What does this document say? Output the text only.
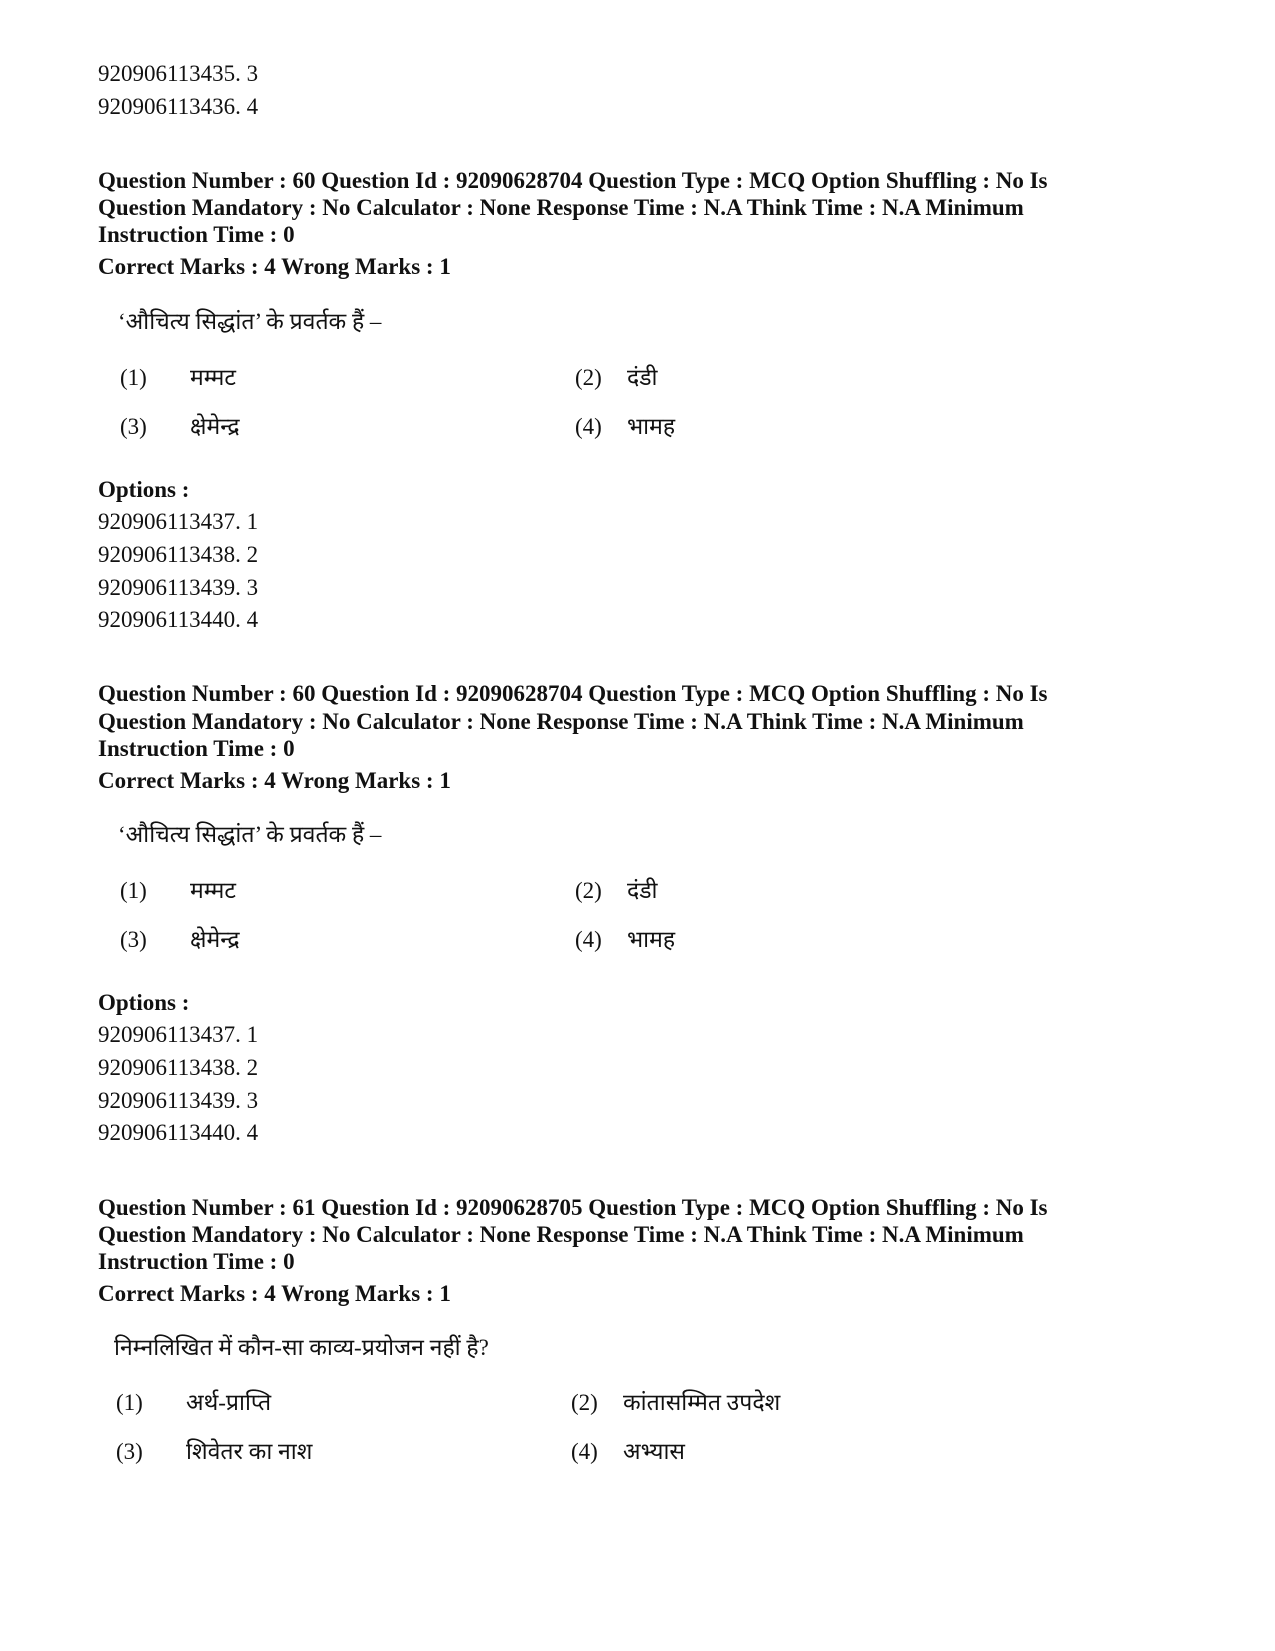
920906113435. 3
920906113436. 4
Question Number : 60 Question Id : 92090628704 Question Type : MCQ Option Shuffling : No Is
Question Mandatory : No Calculator : None Response Time : N.A Think Time : N.A Minimum
Instruction Time : 0
Correct Marks : 4 Wrong Marks : 1
‘औचित्य सिद्धांत’ के प्रवर्तक हैं –
(1) मम्मट	(2) दंडी
(3) क्षेमेन्द्र	(4) भामह
Options :
920906113437. 1
920906113438. 2
920906113439. 3
920906113440. 4
Question Number : 60 Question Id : 92090628704 Question Type : MCQ Option Shuffling : No Is
Question Mandatory : No Calculator : None Response Time : N.A Think Time : N.A Minimum
Instruction Time : 0
Correct Marks : 4 Wrong Marks : 1
‘औचित्य सिद्धांत’ के प्रवर्तक हैं –
(1) मम्मट	(2) दंडी
(3) क्षेमेन्द्र	(4) भामह
Options :
920906113437. 1
920906113438. 2
920906113439. 3
920906113440. 4
Question Number : 61 Question Id : 92090628705 Question Type : MCQ Option Shuffling : No Is
Question Mandatory : No Calculator : None Response Time : N.A Think Time : N.A Minimum
Instruction Time : 0
Correct Marks : 4 Wrong Marks : 1
निम्नलिखित में कौन-सा काव्य-प्रयोजन नहीं है?
(1) अर्थ-प्राप्ति	(2) कांतासम्मित उपदेश
(3) शिवेतर का नाश	(4) अभ्यास
